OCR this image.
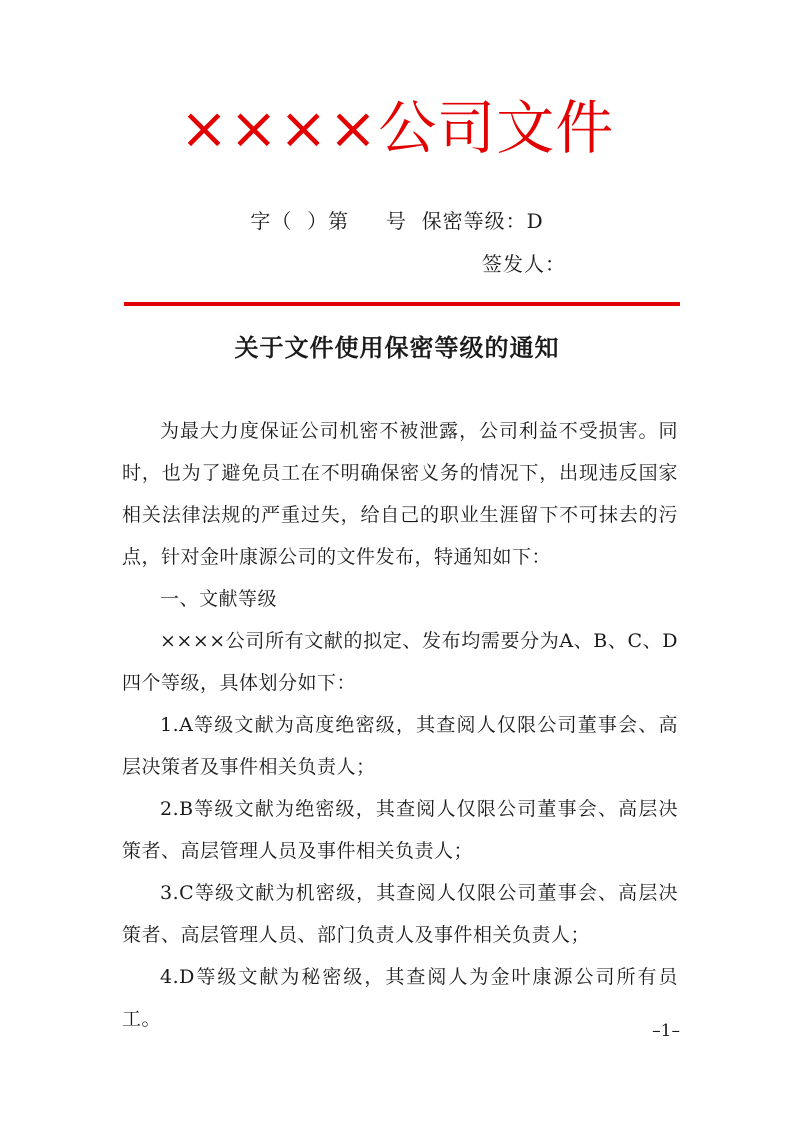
××××公司文件
字（  ）第     号  保密等级：D
签发人：
关于文件使用保密等级的通知

为最大力度保证公司机密不被泄露，公司利益不受损害。同时，也为了避免员工在不明确保密义务的情况下，出现违反国家相关法律法规的严重过失，给自己的职业生涯留下不可抹去的污点，针对金叶康源公司的文件发布，特通知如下：

一、文献等级

××××公司所有文献的拟定、发布均需要分为A、B、C、D四个等级，具体划分如下：

1.A等级文献为高度绝密级，其查阅人仅限公司董事会、高层决策者及事件相关负责人；

2.B等级文献为绝密级，其查阅人仅限公司董事会、高层决策者、高层管理人员及事件相关负责人；

3.C等级文献为机密级，其查阅人仅限公司董事会、高层决策者、高层管理人员、部门负责人及事件相关负责人；

4.D等级文献为秘密级，其查阅人为金叶康源公司所有员工。

–1–
